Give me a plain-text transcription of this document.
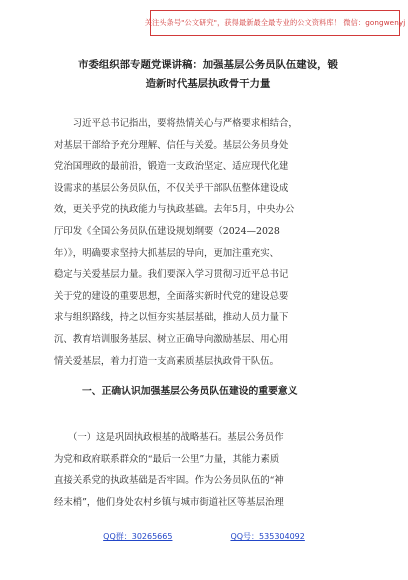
关注头条号"公文研究"，获得最新最全最专业的公文资料库！ 微信：gongwenyj
市委组织部专题党课讲稿：加强基层公务员队伍建设，锻
造新时代基层执政骨干力量
　　习近平总书记指出，要将热情关心与严格要求相结合，
对基层干部给予充分理解、信任与关爱。基层公务员身处
党治国理政的最前沿，锻造一支政治坚定、适应现代化建
设需求的基层公务员队伍，不仅关乎干部队伍整体建设成
效，更关乎党的执政能力与执政基础。去年5月，中央办公
厅印发《全国公务员队伍建设规划纲要（2024—2028
年）》，明确要求坚持大抓基层的导向，更加注重充实、
稳定与关爱基层力量。我们要深入学习贯彻习近平总书记
关于党的建设的重要思想，全面落实新时代党的建设总要
求与组织路线，持之以恒夯实基层基础，推动人员力量下
沉、教育培训服务基层、树立正确导向激励基层、用心用
情关爱基层，着力打造一支高素质基层执政骨干队伍。
一、正确认识加强基层公务员队伍建设的重要意义
　　（一）这是巩固执政根基的战略基石。基层公务员作
为党和政府联系群众的“最后一公里”力量，其能力素质
直接关系党的执政基础是否牢固。作为公务员队伍的“神
经末梢”，他们身处农村乡镇与城市街道社区等基层治理
QQ群：30265665	QQ号：535304092
